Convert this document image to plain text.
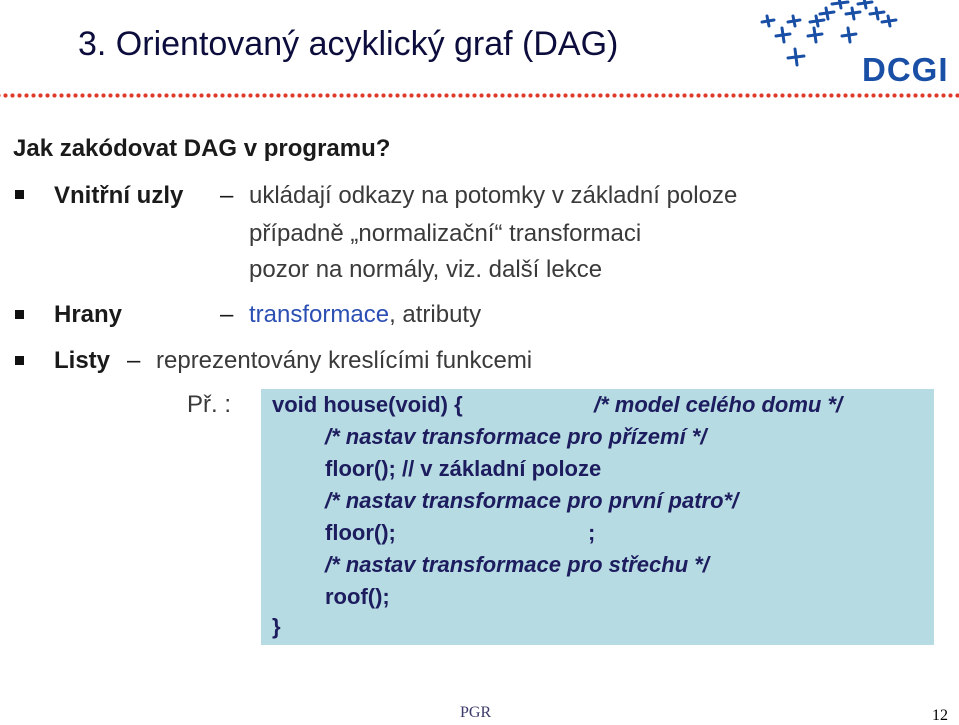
3. Orientovaný acyklický graf (DAG)
DCGI
Jak zakódovat DAG v programu?
Vnitřní uzly – ukládají odkazy na potomky v základní poloze
případně „normalizační“ transformaci
pozor na normály, viz. další lekce
Hrany	– transformace, atributy
Listy – reprezentovány kreslícími funkcemi
Př. : void house(void) {	/* model celého domu */
/* nastav transformace pro přízemí */
floor(); // v základní poloze
/* nastav transformace pro první patro*/
floor();	;
/* nastav transformace pro střechu */
roof();
}
PGR	12
